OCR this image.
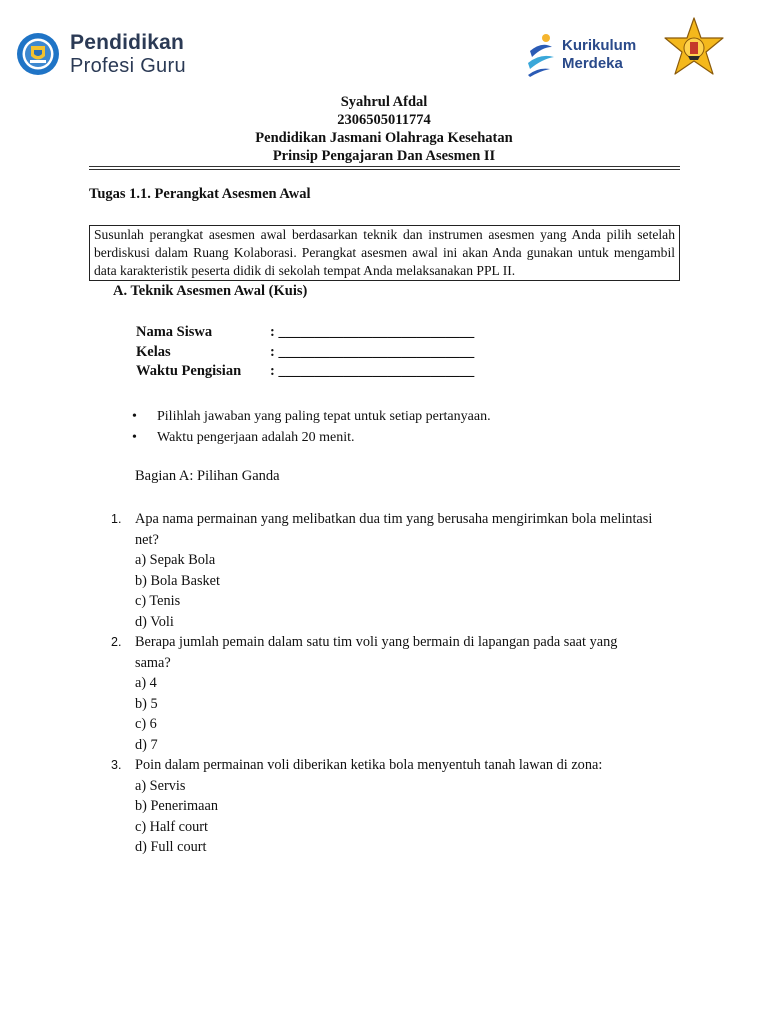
Pendidikan
Profesi Guru
Kurikulum
Merdeka
Syahrul Afdal
2306505011774
Pendidikan Jasmani Olahraga Kesehatan
Prinsip Pengajaran Dan Asesmen II
Tugas 1.1. Perangkat Asesmen Awal
Susunlah perangkat asesmen awal berdasarkan teknik dan instrumen asesmen yang Anda pilih setelah berdiskusi dalam Ruang Kolaborasi. Perangkat asesmen awal ini akan Anda gunakan untuk mengambil data karakteristik peserta didik di sekolah tempat Anda melaksanakan PPL II.
A. Teknik Asesmen Awal (Kuis)
Nama Siswa	: ___________________________
Kelas	: ___________________________
Waktu Pengisian : ___________________________
• Pilihlah jawaban yang paling tepat untuk setiap pertanyaan.
• Waktu pengerjaan adalah 20 menit.
Bagian A: Pilihan Ganda
1. Apa nama permainan yang melibatkan dua tim yang berusaha mengirimkan bola melintasi net?
a) Sepak Bola
b) Bola Basket
c) Tenis
d) Voli
2. Berapa jumlah pemain dalam satu tim voli yang bermain di lapangan pada saat yang sama?
a) 4
b) 5
c) 6
d) 7
3. Poin dalam permainan voli diberikan ketika bola menyentuh tanah lawan di zona:
a) Servis
b) Penerimaan
c) Half court
d) Full court
